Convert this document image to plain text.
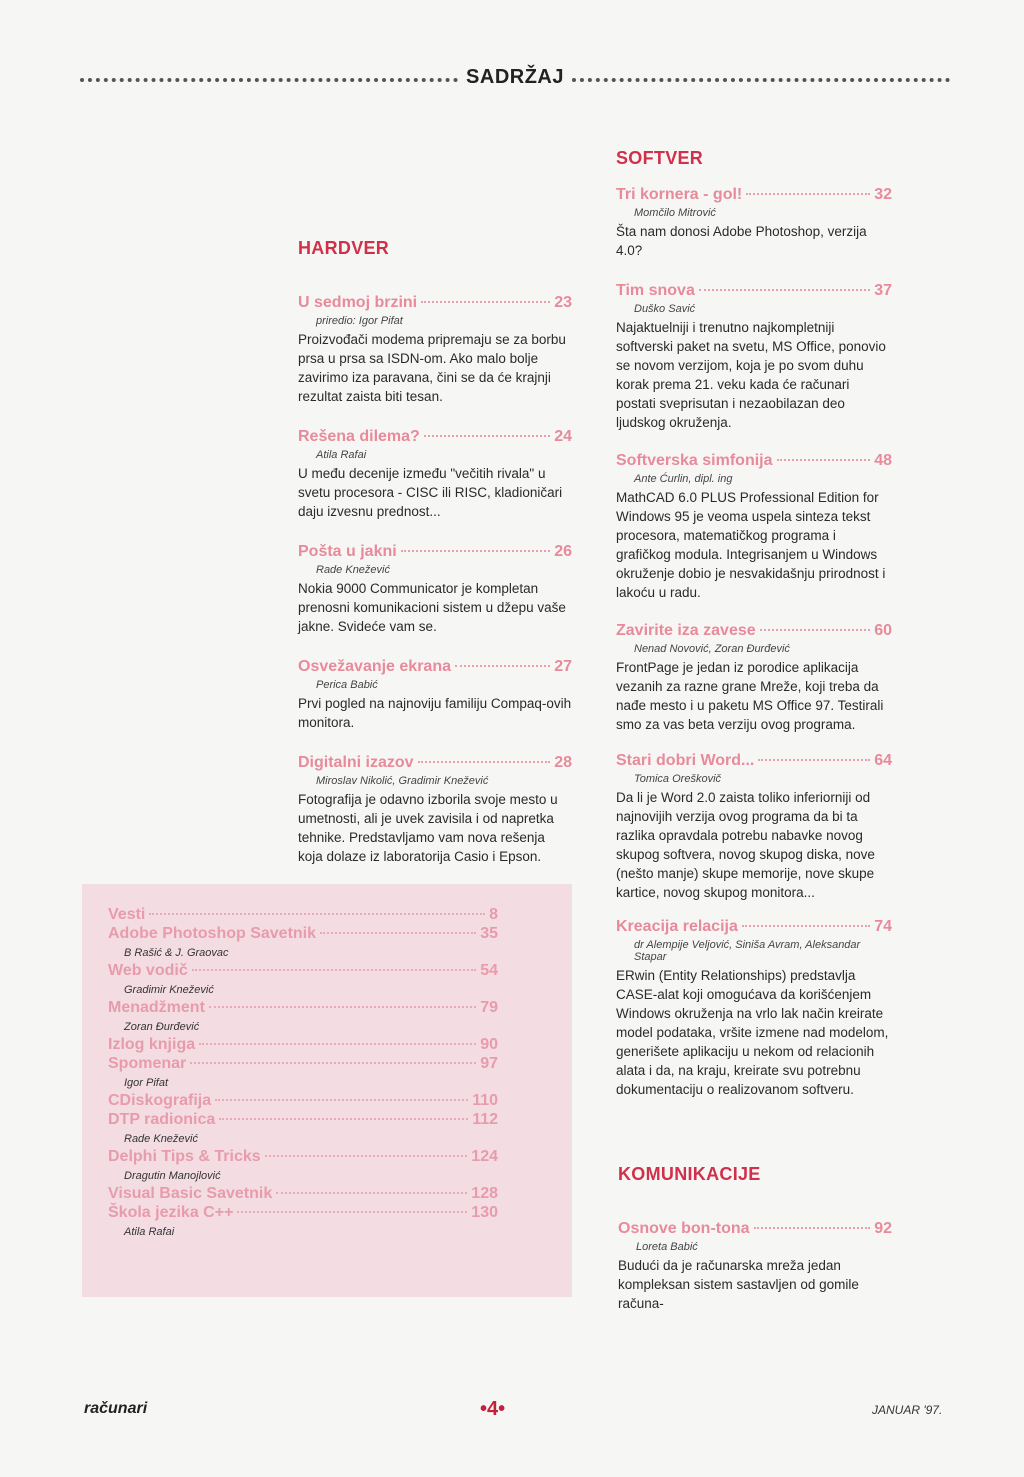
SADRŽAJ
HARDVER
SOFTVER
KOMUNIKACIJE
U sedmoj brzini	23
priredio: Igor Pifat
Proizvođači modema pripremaju se za borbu prsa u prsa sa ISDN-om. Ako malo bolje zavirimo iza paravana, čini se da će krajnji rezultat zaista biti tesan.
Rešena dilema?	24
Atila Rafai
U među decenije između "večitih rivala" u svetu procesora - CISC ili RISC, kladioničari daju izvesnu prednost...
Pošta u jakni	26
Rade Knežević
Nokia 9000 Communicator je kompletan prenosni komunikacioni sistem u džepu vaše jakne. Svideće vam se.
Osvežavanje ekrana	27
Perica Babić
Prvi pogled na najnoviju familiju Compaq-ovih monitora.
Digitalni izazov	28
Miroslav Nikolić, Gradimir Knežević
Fotografija je odavno izborila svoje mesto u umetnosti, ali je uvek zavisila i od napretka tehnike. Predstavljamo vam nova rešenja koja dolaze iz laboratorija Casio i Epson.
Tri kornera - gol!	32
Momčilo Mitrović
Šta nam donosi Adobe Photoshop, verzija 4.0?
Tim snova	37
Duško Savić
Najaktuelniji i trenutno najkompletniji softverski paket na svetu, MS Office, ponovio se novom verzijom, koja je po svom duhu korak prema 21. veku kada će računari postati sveprisutan i nezaobilazan deo ljudskog okruženja.
Softverska simfonija	48
Ante Ćurlin, dipl. ing
MathCAD 6.0 PLUS Professional Edition for Windows 95 je veoma uspela sinteza tekst procesora, matematičkog programa i grafičkog modula. Integrisanjem u Windows okruženje dobio je nesvakidašnju prirodnost i lakoću u radu.
Zavirite iza zavese	60
Nenad Novović, Zoran Đurđević
FrontPage je jedan iz porodice aplikacija vezanih za razne grane Mreže, koji treba da nađe mesto i u paketu MS Office 97. Testirali smo za vas beta verziju ovog programa.
Stari dobri Word...	64
Tomica Oreškovič
Da li je Word 2.0 zaista toliko inferiorniji od najnovijih verzija ovog programa da bi ta razlika opravdala potrebu nabavke novog skupog softvera, novog skupog diska, nove (nešto manje) skupe memorije, nove skupe kartice, novog skupog monitora...
Kreacija relacija	74
dr Alempije Veljović, Siniša Avram, Aleksandar Stapar
ERwin (Entity Relationships) predstavlja CASE-alat koji omogućava da korišćenjem Windows okruženja na vrlo lak način kreirate model podataka, vršite izmene nad modelom, generišete aplikaciju u nekom od relacionih alata i da, na kraju, kreirate svu potrebnu dokumentaciju o realizovanom softveru.
Osnove bon-tona	92
Loreta Babić
Budući da je računarska mreža jedan kompleksan sistem sastavljen od gomile računa-
Vesti	8
Adobe Photoshop Savetnik	35
B Rašić & J. Graovac
Web vodič	54
Gradimir Knežević
Menadžment	79
Zoran Đurđević
Izlog knjiga	90
Spomenar	97
Igor Pifat
CDiskografija	110
DTP radionica	112
Rade Knežević
Delphi Tips & Tricks	124
Dragutin Manojlović
Visual Basic Savetnik	128
Škola jezika C++	130
Atila Rafai
računari	•4•	JANUAR '97.
